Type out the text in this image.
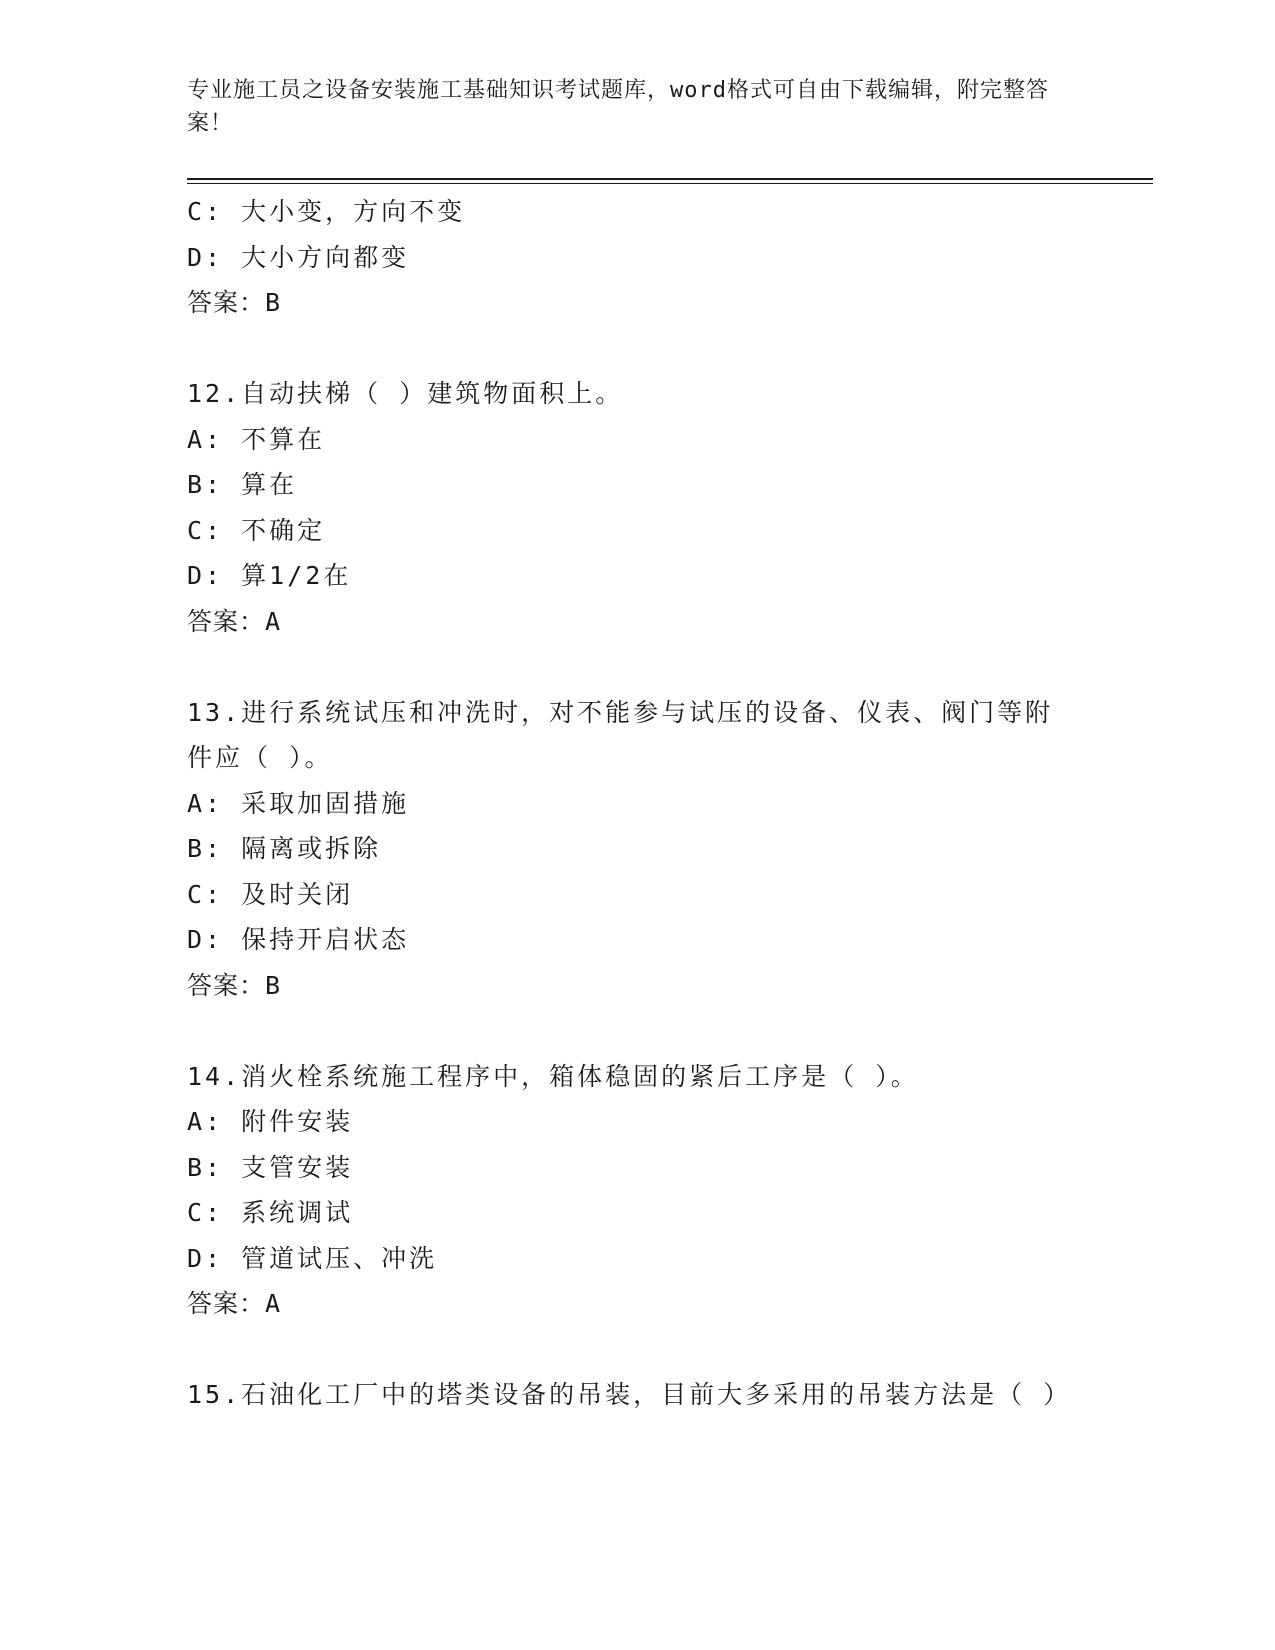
专业施工员之设备安装施工基础知识考试题库，word格式可自由下载编辑，附完整答案！
C: 大小变，方向不变
D: 大小方向都变
答案：B
12.自动扶梯（ ）建筑物面积上。
A: 不算在
B: 算在
C: 不确定
D: 算1/2在
答案：A
13.进行系统试压和冲洗时，对不能参与试压的设备、仪表、阀门等附件应（ ）。
A: 采取加固措施
B: 隔离或拆除
C: 及时关闭
D: 保持开启状态
答案：B
14.消火栓系统施工程序中，箱体稳固的紧后工序是（ ）。
A: 附件安装
B: 支管安装
C: 系统调试
D: 管道试压、冲洗
答案：A
15.石油化工厂中的塔类设备的吊装，目前大多采用的吊装方法是（ ）
